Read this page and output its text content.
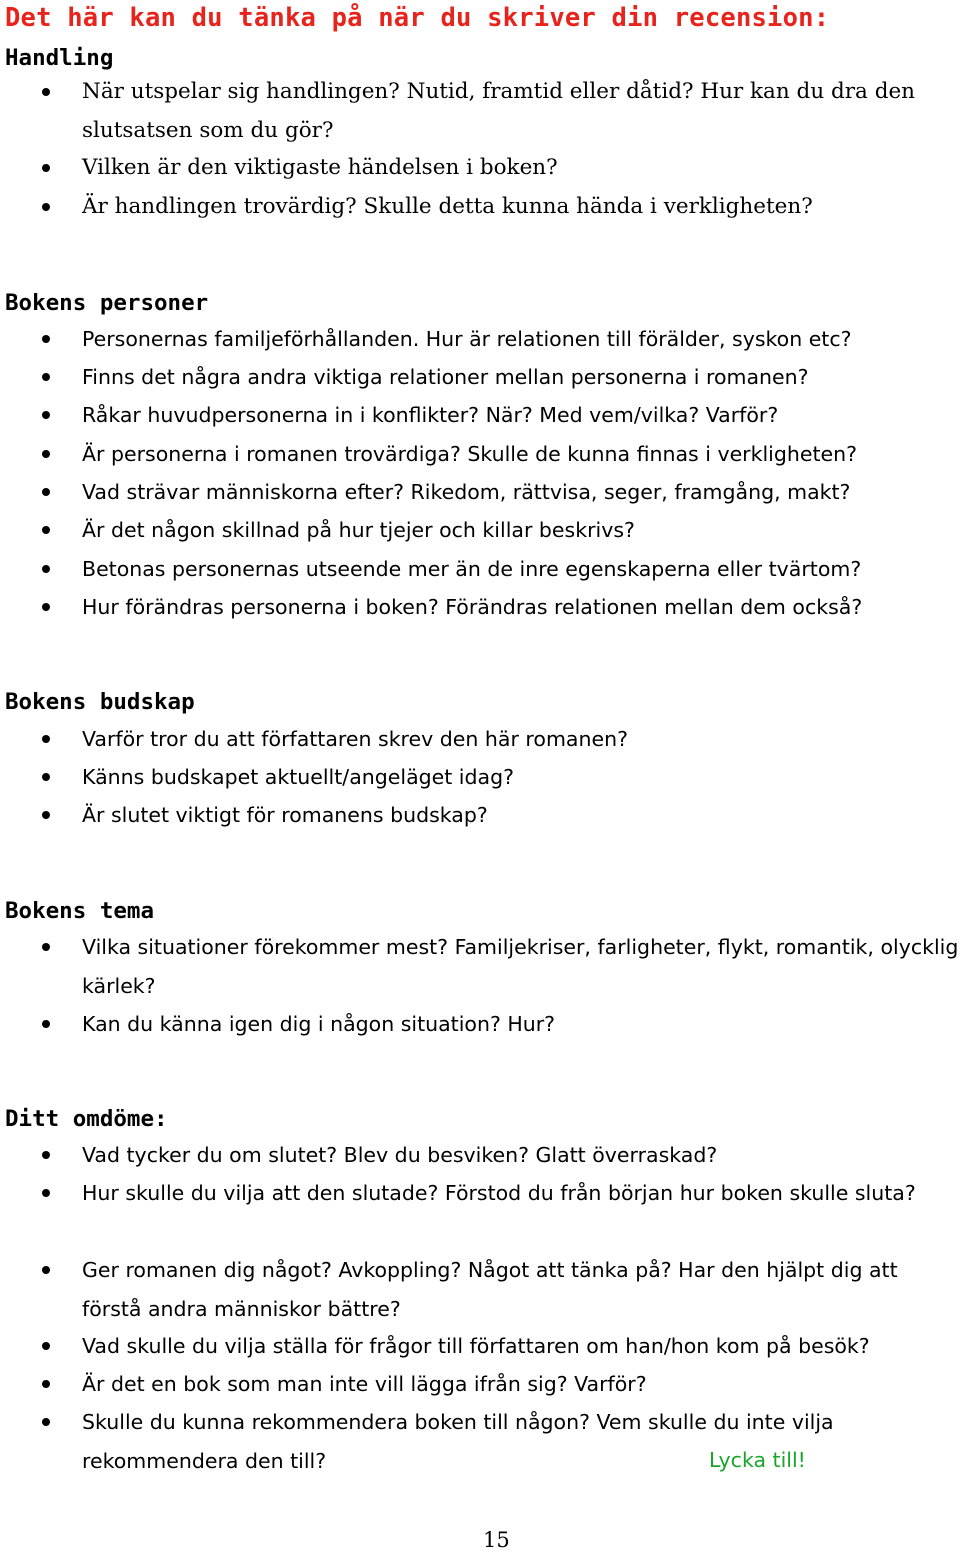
Det här kan du tänka på när du skriver din recension:
Handling
När utspelar sig handlingen? Nutid, framtid eller dåtid? Hur kan du dra den slutsatsen som du gör?
Vilken är den viktigaste händelsen i boken?
Är handlingen trovärdig? Skulle detta kunna hända i verkligheten?
Bokens personer
Personernas familjeförhållanden. Hur är relationen till förälder, syskon etc?
Finns det några andra viktiga relationer mellan personerna i romanen?
Råkar huvudpersonerna in i konflikter? När? Med vem/vilka? Varför?
Är personerna i romanen trovärdiga? Skulle de kunna finnas i verkligheten?
Vad strävar människorna efter? Rikedom, rättvisa, seger, framgång, makt?
Är det någon skillnad på hur tjejer och killar beskrivs?
Betonas personernas utseende mer än de inre egenskaperna eller tvärtom?
Hur förändras personerna i boken? Förändras relationen mellan dem också?
Bokens budskap
Varför tror du att författaren skrev den här romanen?
Känns budskapet aktuellt/angeläget idag?
Är slutet viktigt för romanens budskap?
Bokens tema
Vilka situationer förekommer mest? Familjekriser, farligheter, flykt, romantik, olycklig kärlek?
Kan du känna igen dig i någon situation? Hur?
Ditt omdöme:
Vad tycker du om slutet? Blev du besviken? Glatt överraskad?
Hur skulle du vilja att den slutade? Förstod du från början hur boken skulle sluta?
Ger romanen dig något? Avkoppling? Något att tänka på? Har den hjälpt dig att förstå andra människor bättre?
Vad skulle du vilja ställa för frågor till författaren om han/hon kom på besök?
Är det en bok som man inte vill lägga ifrån sig? Varför?
Skulle du kunna rekommendera boken till någon? Vem skulle du inte vilja rekommendera den till?	Lycka till!
15
